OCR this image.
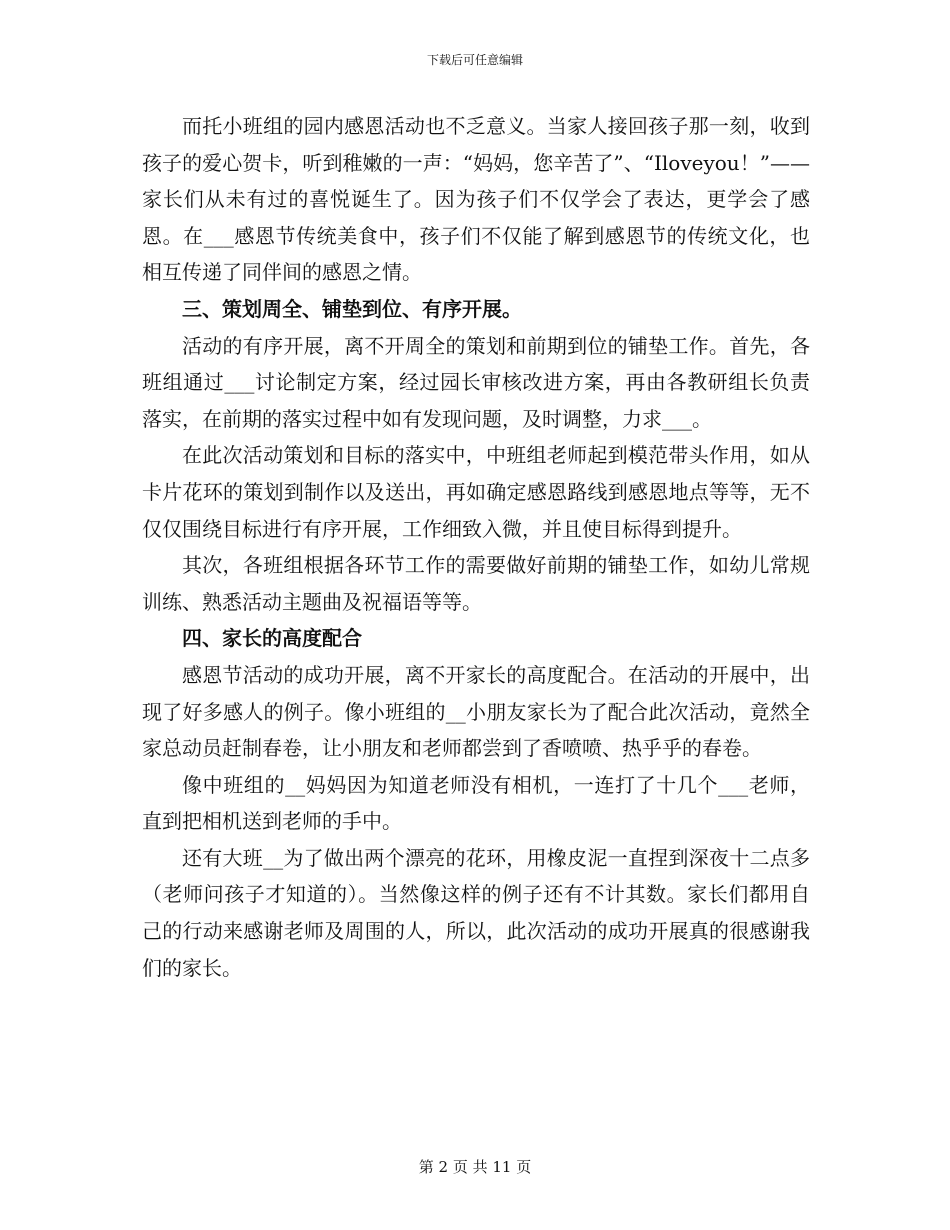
下载后可任意编辑

而托小班组的园内感恩活动也不乏意义。当家人接回孩子那一刻，收到孩子的爱心贺卡，听到稚嫩的一声：“妈妈，您辛苦了”、“Iloveyou！”——家长们从未有过的喜悦诞生了。因为孩子们不仅学会了表达，更学会了感恩。在___感恩节传统美食中，孩子们不仅能了解到感恩节的传统文化，也相互传递了同伴间的感恩之情。

三、策划周全、铺垫到位、有序开展。

活动的有序开展，离不开周全的策划和前期到位的铺垫工作。首先，各班组通过___讨论制定方案，经过园长审核改进方案，再由各教研组长负责落实，在前期的落实过程中如有发现问题，及时调整，力求___。

在此次活动策划和目标的落实中，中班组老师起到模范带头作用，如从卡片花环的策划到制作以及送出，再如确定感恩路线到感恩地点等等，无不仅仅围绕目标进行有序开展，工作细致入微，并且使目标得到提升。

其次，各班组根据各环节工作的需要做好前期的铺垫工作，如幼儿常规训练、熟悉活动主题曲及祝福语等等。

四、家长的高度配合

感恩节活动的成功开展，离不开家长的高度配合。在活动的开展中，出现了好多感人的例子。像小班组的__小朋友家长为了配合此次活动，竟然全家总动员赶制春卷，让小朋友和老师都尝到了香喷喷、热乎乎的春卷。

像中班组的__妈妈因为知道老师没有相机，一连打了十几个___老师，直到把相机送到老师的手中。

还有大班__为了做出两个漂亮的花环，用橡皮泥一直捏到深夜十二点多（老师问孩子才知道的）。当然像这样的例子还有不计其数。家长们都用自己的行动来感谢老师及周围的人，所以，此次活动的成功开展真的很感谢我们的家长。

第 2 页 共 11 页
